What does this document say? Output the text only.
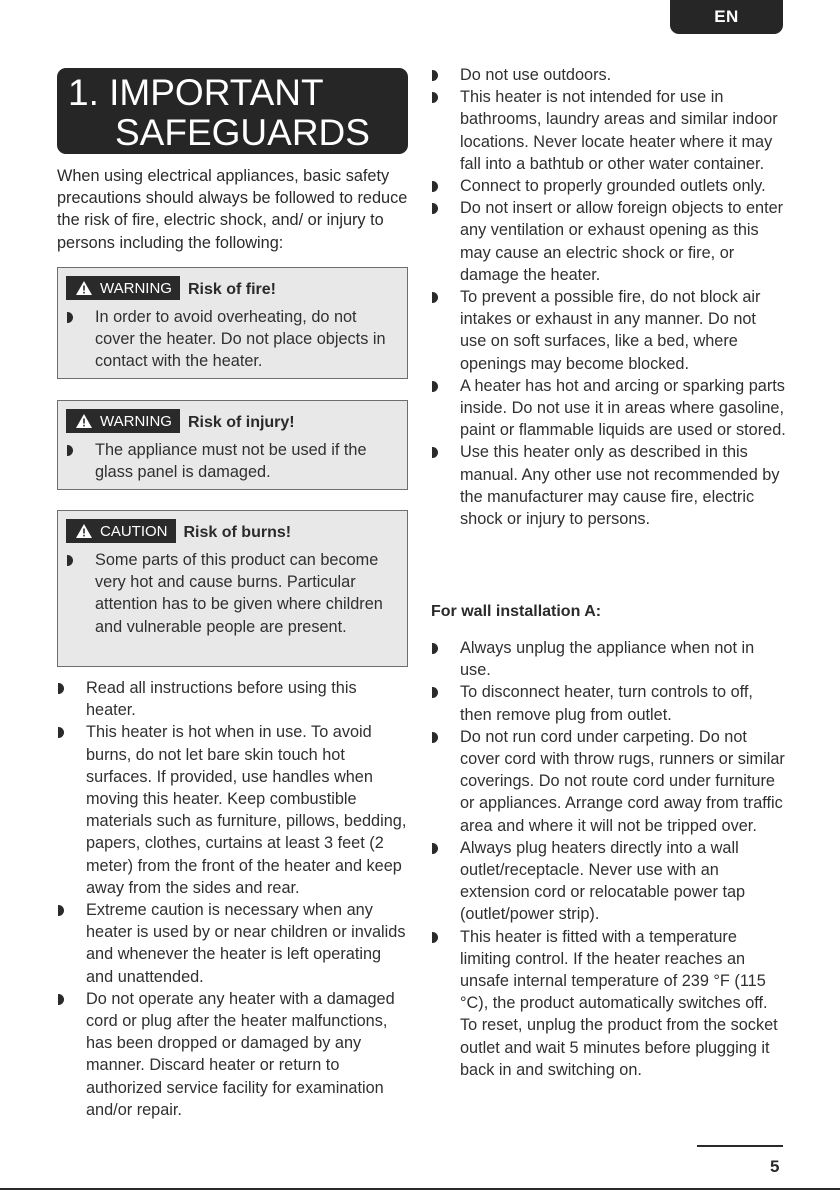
EN
1. IMPORTANT
SAFEGUARDS

When using electrical appliances, basic safety precautions should always be followed to reduce the risk of fire, electric shock, and/ or injury to persons including the following:

WARNING Risk of fire!
In order to avoid overheating, do not cover the heater. Do not place objects in contact with the heater.
WARNING Risk of injury!
The appliance must not be used if the glass panel is damaged.
CAUTION Risk of burns!
Some parts of this product can become very hot and cause burns. Particular attention has to be given where children and vulnerable people are present.
Read all instructions before using this heater.
This heater is hot when in use. To avoid burns, do not let bare skin touch hot surfaces. If provided, use handles when moving this heater. Keep combustible materials such as furniture, pillows, bedding, papers, clothes, curtains at least 3 feet (2 meter) from the front of the heater and keep away from the sides and rear.
Extreme caution is necessary when any heater is used by or near children or invalids and whenever the heater is left operating and unattended.
Do not operate any heater with a damaged cord or plug after the heater malfunctions, has been dropped or damaged by any manner. Discard heater or return to authorized service facility for examination and/or repair.
Do not use outdoors.
This heater is not intended for use in bathrooms, laundry areas and similar indoor locations. Never locate heater where it may fall into a bathtub or other water container.
Connect to properly grounded outlets only.
Do not insert or allow foreign objects to enter any ventilation or exhaust opening as this may cause an electric shock or fire, or damage the heater.
To prevent a possible fire, do not block air intakes or exhaust in any manner. Do not use on soft surfaces, like a bed, where openings may become blocked.
A heater has hot and arcing or sparking parts inside. Do not use it in areas where gasoline, paint or flammable liquids are used or stored.
Use this heater only as described in this manual. Any other use not recommended by the manufacturer may cause fire, electric shock or injury to persons.
For wall installation A:
Always unplug the appliance when not in use.
To disconnect heater, turn controls to off, then remove plug from outlet.
Do not run cord under carpeting. Do not cover cord with throw rugs, runners or similar coverings. Do not route cord under furniture or appliances. Arrange cord away from traffic area and where it will not be tripped over.
Always plug heaters directly into a wall outlet/receptacle. Never use with an extension cord or relocatable power tap (outlet/power strip).
This heater is fitted with a temperature limiting control. If the heater reaches an unsafe internal temperature of 239 °F (115 °C), the product automatically switches off. To reset, unplug the product from the socket outlet and wait 5 minutes before plugging it back in and switching on.
5
